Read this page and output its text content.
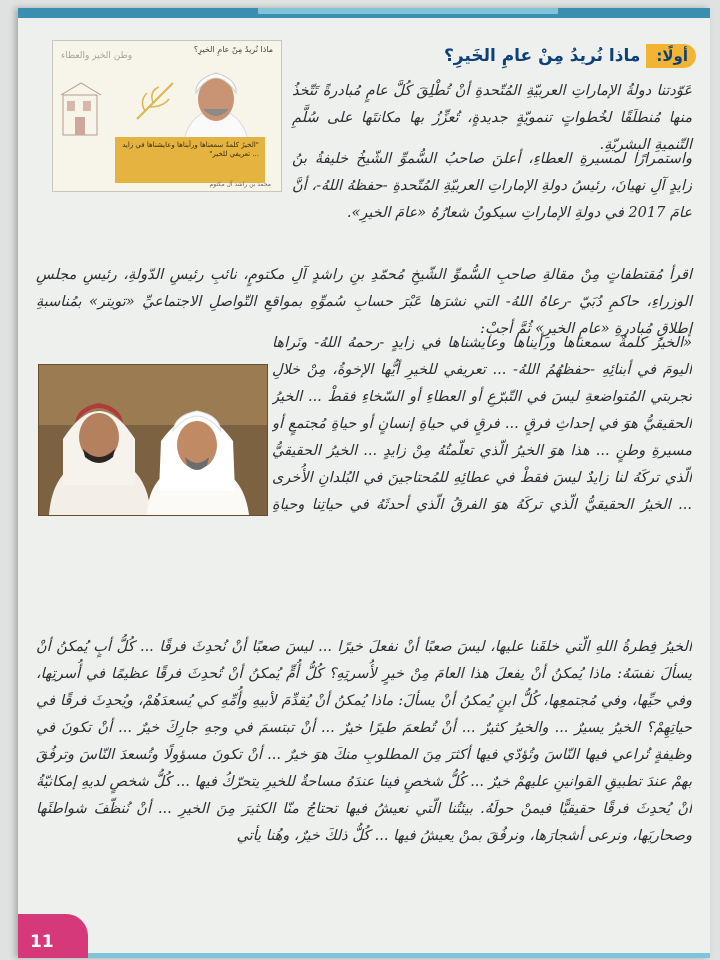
أولًا:
ماذا نُريدُ مِنْ عامِ الخَيرِ؟
ماذا نُريدُ مِنْ عامِ الخيرِ؟
وطن الخير والعطاء
"الخيرُ كلمةٌ سمعناها ورأيناها وعايشناها في زايد ... تعريفي للخير"
محمد بن راشد آل مكتوم
عَوّدتنا دولةُ الإماراتِ العربيّةِ المُتّحدةِ أنْ تُطْلِقَ كُلَّ عامٍ مُبادرةً تَتّخذُ منها مُنطلَقًا لخُطواتٍ تنمويّةٍ جديدةٍ، تُعزِّزُ بها مكانتَها على سُلَّمِ التّنميةِ البشريّةِ.
واستمرارًا لمسيرةِ العطاءِ، أعلنَ صاحبُ السُّموِّ الشّيخُ خليفةُ بنُ زايدٍ آلِ نهيانَ، رئيسُ دولةِ الإماراتِ العربيّةِ المُتّحدةِ -حفظهُ اللهُ-، أنَّ عامَ 2017 في دولةِ الإماراتِ سيكونُ شعارُهُ «عامَ الخيرِ».
اقرأ مُقتطفاتٍ مِنْ مقالةِ صاحبِ السُّموِّ الشّيخِ مُحمّدِ بنِ راشدٍ آلِ مكتومٍ، نائبِ رئيسِ الدّولةِ، رئيسِ مجلسِ الوزراءِ، حاكمِ دُبَيّ -رعاهُ اللهُ- التي نشرَها عَبْرَ حسابِ سُموِّهِ بمواقعِ التّواصلِ الاجتماعيِّ «تويتر» بمُناسبةِ إطلاقِ مُبادرةِ «عامِ الخيرِ» ثُمَّ أجبْ:
«الخيرُ كلمةٌ سمعناها ورأيناها وعايشناها في زايدٍ -رحمهُ اللهُ- ونَراها اليومَ في أبنائِهِ -حفظهُمُ اللهُ- ... تعريفي للخيرِ أيُّها الإخوةُ، مِنْ خلالِ تجربتي المُتواضعةِ ليسَ في التّبرّعِ أو العطاءِ أو السّخاءِ فقطْ ... الخيرُ الحقيقيُّ هوَ في إحداثِ فرقٍ ... فرقٍ في حياةِ إنسانٍ أو حياةِ مُجتمعٍ أو مسيرةِ وطنٍ ... هذا هوَ الخيرُ الّذي تعلّمتُهُ مِنْ زايدٍ ... الخيرُ الحقيقيُّ الّذي تركَهُ لنا زايدٌ ليسَ فقطْ في عطائِهِ للمُحتاجينَ في البُلدانِ الأُخرى ... الخيرُ الحقيقيُّ الّذي تركَهُ هوَ الفرقُ الّذي أحدثَهُ في حياتِنا وحياةِ
الخيرُ فِطرةُ اللهِ الّتي خلقَنا عليها، ليسَ صعبًا أنْ نفعلَ خيرًا ... ليسَ صعبًا أنْ نُحدِثَ فرقًا ... كُلُّ أبٍ يُمكنُ أنْ يسألَ نفسَهُ: ماذا يُمكنُ أنْ يفعلَ هذا العامَ مِنْ خيرٍ لأُسرتِهِ؟ كُلُّ أُمٍّ يُمكنُ أنْ تُحدِثَ فرقًا عظيمًا في أُسرتِها، وفي حيِّها، وفي مُجتمعِها، كُلُّ ابنٍ يُمكنُ أنْ يسألَ: ماذا يُمكنُ أنْ يُقدِّمَ لأبيهِ وأُمِّهِ كي يُسعدَهُمْ، ويُحدِثَ فرقًا في حياتِهِمْ؟ الخيرُ يسيرٌ ... والخيرُ كثيرٌ ... أنْ تُطعمَ طيرًا خيرٌ ... أنْ تبتسمَ في وجهِ جارِكَ خيرٌ ... أنْ تكونَ في وظيفةٍ تُراعي فيها النّاسَ وتُؤدّي فيها أكثرَ مِنَ المطلوبِ منكَ هوَ خيرٌ ... أنْ تكونَ مسؤولًا وتُسعدَ النّاسَ وترفُقَ بهمْ عندَ تطبيقِ القوانينِ عليهمْ خيرٌ ... كُلُّ شخصٍ فينا عندَهُ مساحةٌ للخيرِ يتحرّكُ فيها ... كُلُّ شخصٍ لديهِ إمكانيّةُ أنْ يُحدِثَ فرقًا حقيقيًّا فيمنْ حولَهُ. بيئتُنا الّتي نعيشُ فيها تحتاجُ منّا الكثيرَ مِنَ الخيرِ ... أنْ نُنظّفَ شواطئَها وصحاريَها، ونرعى أشجارَها، ونرفُقَ بمنْ يعيشُ فيها ... كُلُّ ذلكَ خيرٌ، وهُنا يأتي
11
